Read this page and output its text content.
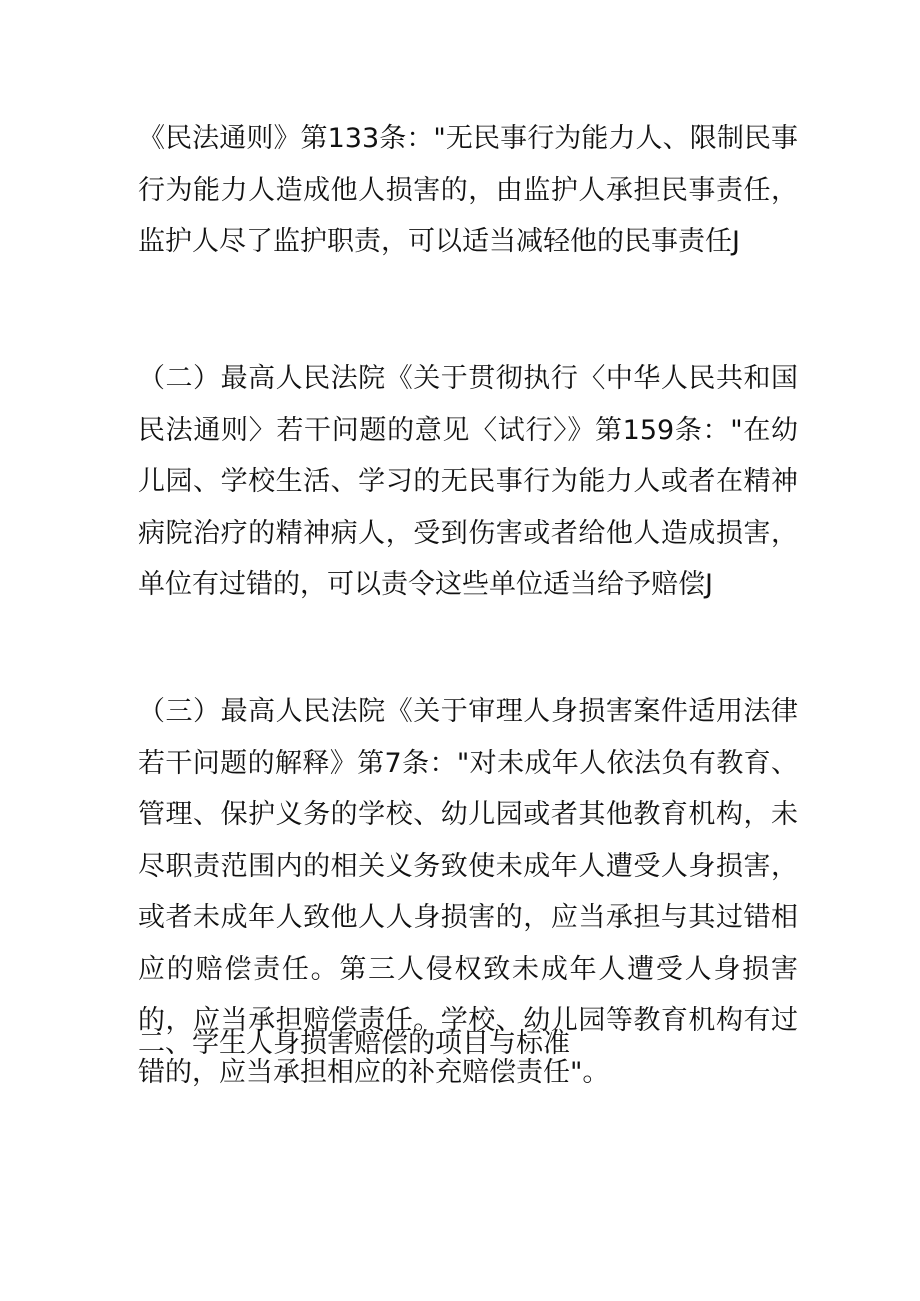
《民法通则》第133条："无民事行为能力人、限制民事行为能力人造成他人损害的，由监护人承担民事责任，监护人尽了监护职责，可以适当减轻他的民事责任J

（二）最高人民法院《关于贯彻执行〈中华人民共和国民法通则〉若干问题的意见〈试行〉》第159条："在幼儿园、学校生活、学习的无民事行为能力人或者在精神病院治疗的精神病人，受到伤害或者给他人造成损害，单位有过错的，可以责令这些单位适当给予赔偿J

（三）最高人民法院《关于审理人身损害案件适用法律若干问题的解释》第7条："对未成年人依法负有教育、管理、保护义务的学校、幼儿园或者其他教育机构，未尽职责范围内的相关义务致使未成年人遭受人身损害，或者未成年人致他人人身损害的，应当承担与其过错相应的赔偿责任。第三人侵权致未成年人遭受人身损害的，应当承担赔偿责任。学校、幼儿园等教育机构有过错的，应当承担相应的补充赔偿责任"。

二、学生人身损害赔偿的项目与标准
